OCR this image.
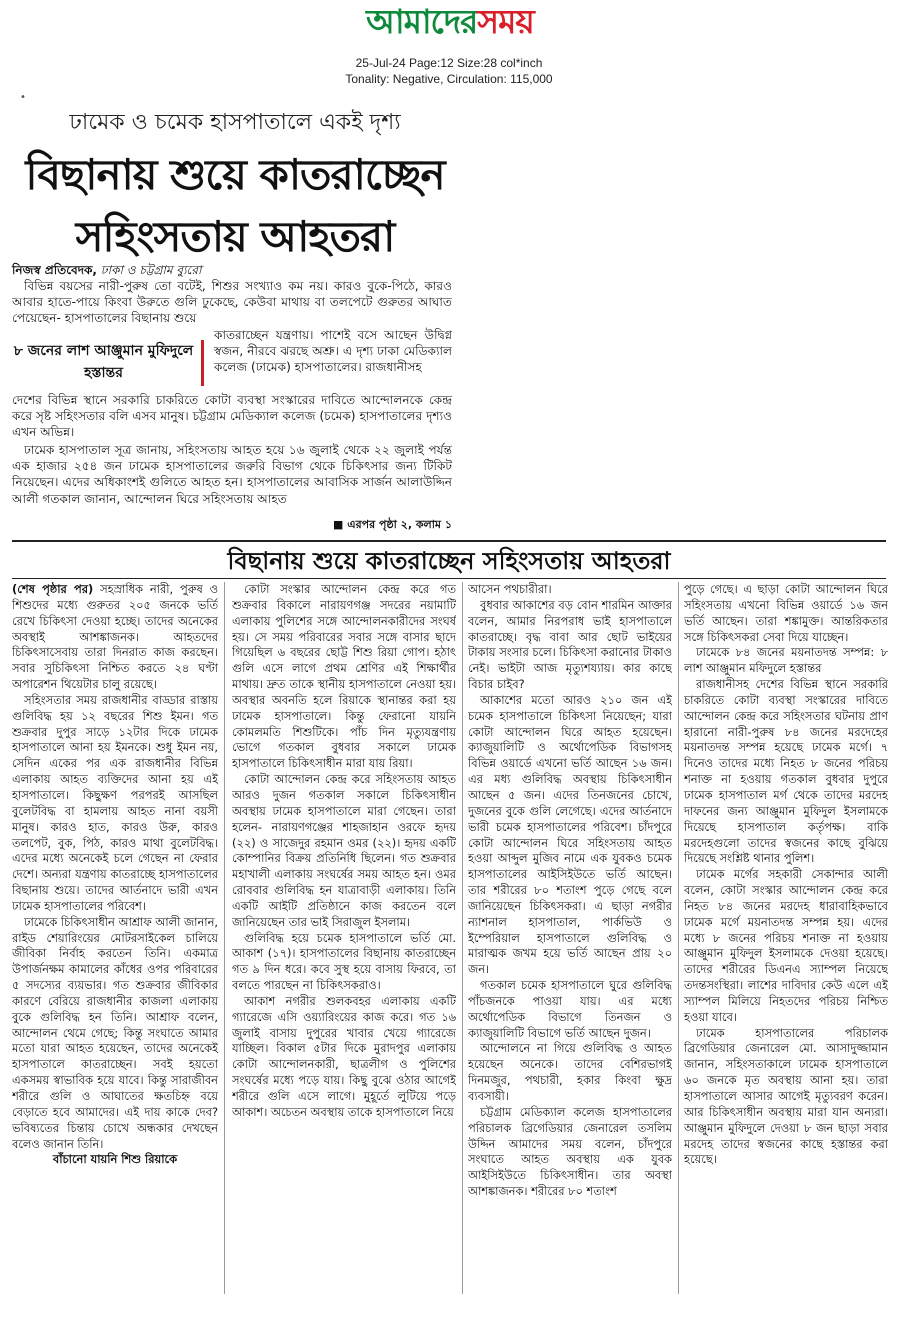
আমাদেরসময়
25-Jul-24 Page:12 Size:28 col*inch
Tonality: Negative, Circulation: 115,000
•
ঢামেক ও চমেক হাসপাতালে একই দৃশ্য
বিছানায় শুয়ে কাতরাচ্ছেন
সহিংসতায় আহতরা
নিজস্ব প্রতিবেদক, ঢাকা ও চট্টগ্রাম ব্যুরো

বিভিন্ন বয়সের নারী-পুরুষ তো বটেই, শিশুর সংখ্যাও কম নয়। কারও বুকে-পিঠে, কারও আবার হাতে-পায়ে কিংবা উরুতে গুলি ঢুকেছে, কেউবা মাথায় বা তলপেটে গুরুতর আঘাত পেয়েছেন- হাসপাতালের বিছানায় শুয়ে

৮ জনের লাশ আঞ্জুমান মুফিদুলে হস্তান্তর

কাতরাচ্ছেন যন্ত্রণায়। পাশেই বসে আছেন উদ্বিগ্ন স্বজন, নীরবে ঝরছে অশ্রু। এ দৃশ্য ঢাকা মেডিক্যাল কলেজ (ঢামেক) হাসপাতালের। রাজধানীসহ

দেশের বিভিন্ন স্থানে সরকারি চাকরিতে কোটা ব্যবস্থা সংস্কারের দাবিতে আন্দোলনকে কেন্দ্র করে সৃষ্ট সহিংসতার বলি এসব মানুষ। চট্টগ্রাম মেডিক্যাল কলেজ (চমেক) হাসপাতালের দৃশ্যও এখন অভিন্ন।

ঢামেক হাসপাতাল সূত্র জানায়, সহিংসতায় আহত হয়ে ১৬ জুলাই থেকে ২২ জুলাই পর্যন্ত এক হাজার ২৫৪ জন ঢামেক হাসপাতালের জরুরি বিভাগ থেকে চিকিৎসার জন্য টিকিট নিয়েছেন। এদের অধিকাংশই গুলিতে আহত হন। হাসপাতালের আবাসিক সার্জন আলাউদ্দিন আলী গতকাল জানান, আন্দোলন ঘিরে সহিংসতায় আহত

■ এরপর পৃষ্ঠা ২, কলাম ১
বিছানায় শুয়ে কাতরাচ্ছেন সহিংসতায় আহতরা

(শেষ পৃষ্ঠার পর) সহস্রাধিক নারী, পুরুষ ও শিশুদের মধ্যে গুরুতর ২০৫ জনকে ভর্তি রেখে চিকিৎসা দেওয়া হচ্ছে। তাদের অনেকের অবস্থাই আশঙ্কাজনক। আহতদের চিকিৎসাসেবায় তারা দিনরাত কাজ করছেন। সবার সুচিকিৎসা নিশ্চিত করতে ২৪ ঘণ্টা অপারেশন থিয়েটার চালু রয়েছে।

সহিংসতার সময় রাজধানীর বাড্ডার রাস্তায় গুলিবিদ্ধ হয় ১২ বছরের শিশু ইমন। গত শুক্রবার দুপুর সাড়ে ১২টার দিকে ঢামেক হাসপাতালে আনা হয় ইমনকে। শুধু ইমন নয়, সেদিন একের পর এক রাজধানীর বিভিন্ন এলাকায় আহত ব্যক্তিদের আনা হয় এই হাসপাতালে। কিছুক্ষণ পরপরই আসছিল বুলেটবিদ্ধ বা হামলায় আহত নানা বয়সী মানুষ। কারও হাত, কারও উরু, কারও তলপেট, বুক, পিঠ, কারও মাথা বুলেটবিদ্ধ। এদের মধ্যে অনেকেই চলে গেছেন না ফেরার দেশে। অন্যরা যন্ত্রণায় কাতরাচ্ছে হাসপাতালের বিছানায় শুয়ে। তাদের আর্তনাদে ভারী এখন ঢামেক হাসপাতালের পরিবেশ।

ঢামেকে চিকিৎসাধীন আশ্রাফ আলী জানান, রাইড শেয়ারিংয়ের মোটরসাইকেল চালিয়ে জীবিকা নির্বাহ করতেন তিনি। একমাত্র উপার্জনক্ষম কামালের কাঁধের ওপর পরিবারের ৫ সদস্যের ব্যয়ভার। গত শুক্রবার জীবিকার কারণে বেরিয়ে রাজধানীর কাজলা এলাকায় বুকে গুলিবিদ্ধ হন তিনি। আশ্রাফ বলেন, আন্দোলন থেমে গেছে; কিন্তু সংঘাতে আমার মতো যারা আহত হয়েছেন, তাদের অনেকেই হাসপাতালে কাতরাচ্ছেন। সবই হয়তো একসময় স্বাভাবিক হয়ে যাবে। কিন্তু সারাজীবন শরীরে গুলি ও আঘাতের ক্ষতচিহ্ন বয়ে বেড়াতে হবে আমাদের। এই দায় কাকে দেব? ভবিষ্যতের চিন্তায় চোখে অন্ধকার দেখছেন বলেও জানান তিনি।

বাঁচানো যায়নি শিশু রিয়াকে

কোটা সংস্কার আন্দোলন কেন্দ্র করে গত শুক্রবার বিকালে নারায়ণগঞ্জ সদরের নয়ামাটি এলাকায় পুলিশের সঙ্গে আন্দোলনকারীদের সংঘর্ষ হয়। সে সময় পরিবারের সবার সঙ্গে বাসার ছাদে গিয়েছিল ৬ বছরের ছোট্ট শিশু রিয়া গোপ। হঠাৎ গুলি এসে লাগে প্রথম শ্রেণির এই শিক্ষার্থীর মাথায়। দ্রুত তাকে স্থানীয় হাসপাতালে নেওয়া হয়। অবস্থার অবনতি হলে রিয়াকে স্থানান্তর করা হয় ঢামেক হাসপাতালে। কিন্তু ফেরানো যায়নি কোমলমতি শিশুটিকে। পাঁচ দিন মৃত্যুযন্ত্রণায় ভোগে গতকাল বুধবার সকালে ঢামেক হাসপাতালে চিকিৎসাধীন মারা যায় রিয়া।

কোটা আন্দোলন কেন্দ্র করে সহিংসতায় আহত আরও দুজন গতকাল সকালে চিকিৎসাধীন অবস্থায় ঢামেক হাসপাতালে মারা গেছেন। তারা হলেন- নারায়ণগঞ্জের শাহজাহান ওরফে হৃদয় (২২) ও সাজেদুর রহমান ওমর (২২)। হৃদয় একটি কোম্পানির বিক্রয় প্রতিনিধি ছিলেন। গত শুক্রবার মহাখালী এলাকায় সংঘর্ষের সময় আহত হন। ওমর রোববার গুলিবিদ্ধ হন যাত্রাবাড়ী এলাকায়। তিনি একটি আইটি প্রতিষ্ঠানে কাজ করতেন বলে জানিয়েছেন তার ভাই সিরাজুল ইসলাম।

গুলিবিদ্ধ হয়ে চমেক হাসপাতালে ভর্তি মো. আকাশ (১৭)। হাসপাতালের বিছানায় কাতরাচ্ছেন গত ৯ দিন ধরে। কবে সুস্থ হয়ে বাসায় ফিরবে, তা বলতে পারছেন না চিকিৎসকরাও।

আকাশ নগরীর শুলকবহর এলাকায় একটি গ্যারেজে এসি ওয়্যারিংয়ের কাজ করে। গত ১৬ জুলাই বাসায় দুপুরের খাবার খেয়ে গ্যারেজে যাচ্ছিল। বিকাল ৫টার দিকে মুরাদপুর এলাকায় কোটা আন্দোলনকারী, ছাত্রলীগ ও পুলিশের সংঘর্ষের মধ্যে পড়ে যায়। কিছু বুঝে ওঠার আগেই শরীরে গুলি এসে লাগে। মুহূর্তে লুটিয়ে পড়ে আকাশ। অচেতন অবস্থায় তাকে হাসপাতালে নিয়ে

আসেন পথচারীরা।

বুধবার আকাশের বড় বোন শারমিন আক্তার বলেন, আমার নিরপরাধ ভাই হাসপাতালে কাতরাচ্ছে। বৃদ্ধ বাবা আর ছোট ভাইয়ের টাকায় সংসার চলে। চিকিৎসা করানোর টাকাও নেই। ভাইটা আজ মৃত্যুশয্যায়। কার কাছে বিচার চাইব?

আকাশের মতো আরও ২১০ জন এই চমেক হাসপাতালে চিকিৎসা নিয়েছেন; যারা কোটা আন্দোলন ঘিরে আহত হয়েছেন। ক্যাজুয়ালিটি ও অর্থোপেডিক বিভাগসহ বিভিন্ন ওয়ার্ডে এখনো ভর্তি আছেন ১৬ জন। এর মধ্য গুলিবিদ্ধ অবস্থায় চিকিৎসাধীন আছেন ৫ জন। এদের তিনজনের চোখে, দুজনের বুকে গুলি লেগেছে। এদের আর্তনাদে ভারী চমেক হাসপাতালের পরিবেশ। চাঁদপুরে কোটা আন্দোলন ঘিরে সহিংসতায় আহত হওয়া আব্দুল মুজিব নামে এক যুবকও চমেক হাসপাতালের আইসিইউতে ভর্তি আছেন। তার শরীরের ৮০ শতাংশ পুড়ে গেছে বলে জানিয়েছেন চিকিৎসকরা। এ ছাড়া নগরীর ন্যাশনাল হাসপাতাল, পার্কভিউ ও ইম্পেরিয়াল হাসপাতালে গুলিবিদ্ধ ও মারাত্মক জখম হয়ে ভর্তি আছেন প্রায় ২০ জন।

গতকাল চমেক হাসপাতালে ঘুরে গুলিবিদ্ধ পাঁচজনকে পাওয়া যায়। এর মধ্যে অর্থোপেডিক বিভাগে তিনজন ও ক্যাজুয়ালিটি বিভাগে ভর্তি আছেন দুজন।

আন্দোলনে না গিয়ে গুলিবিদ্ধ ও আহত হয়েছেন অনেকে। তাদের বেশিরভাগই দিনমজুর, পথচারী, হকার কিংবা ক্ষুদ্র ব্যবসায়ী।

চট্টগ্রাম মেডিক্যাল কলেজ হাসপাতালের পরিচালক ব্রিগেডিয়ার জেনারেল তসলিম উদ্দিন আমাদের সময় বলেন, চাঁদপুরে সংঘাতে আহত অবস্থায় এক যুবক আইসিইউতে চিকিৎসাধীন। তার অবস্থা আশঙ্কাজনক। শরীরের ৮০ শতাংশ

পুড়ে গেছে। এ ছাড়া কোটা আন্দোলন ঘিরে সহিংসতায় এখনো বিভিন্ন ওয়ার্ডে ১৬ জন ভর্তি আছেন। তারা শঙ্কামুক্ত। আন্তরিকতার সঙ্গে চিকিৎসকরা সেবা দিয়ে যাচ্ছেন।

ঢামেকে ৮৪ জনের ময়নাতদন্ত সম্পন্ন: ৮ লাশ আঞ্জুমান মফিদুলে হস্তান্তর

রাজধানীসহ দেশের বিভিন্ন স্থানে সরকারি চাকরিতে কোটা ব্যবস্থা সংস্কারের দাবিতে আন্দোলন কেন্দ্র করে সহিংসতার ঘটনায় প্রাণ হারানো নারী-পুরুষ ৮৪ জনের মরদেহের ময়নাতদন্ত সম্পন্ন হয়েছে ঢামেক মর্গে। ৭ দিনেও তাদের মধ্যে নিহত ৮ জনের পরিচয় শনাক্ত না হওয়ায় গতকাল বুধবার দুপুরে ঢামেক হাসপাতাল মর্গ থেকে তাদের মরদেহ দাফনের জন্য আঞ্জুমান মুফিদুল ইসলামকে দিয়েছে হাসপাতাল কর্তৃপক্ষ। বাকি মরদেহগুলো তাদের স্বজনের কাছে বুঝিয়ে দিয়েছে সংশ্লিষ্ট থানার পুলিশ।

ঢামেক মর্গের সহকারী সেকান্দার আলী বলেন, কোটা সংস্কার আন্দোলন কেন্দ্র করে নিহত ৮৪ জনের মরদেহ ধারাবাহিকভাবে ঢামেক মর্গে ময়নাতদন্ত সম্পন্ন হয়। এদের মধ্যে ৮ জনের পরিচয় শনাক্ত না হওয়ায় আঞ্জুমান মুফিদুল ইসলামকে দেওয়া হয়েছে। তাদের শরীরের ডিএনএ স্যাম্পল নিয়েছে তদন্তসংস্থিরা। লাশের দাবিদার কেউ এলে এই স্যাম্পল মিলিয়ে নিহতদের পরিচয় নিশ্চিত হওয়া যাবে।

ঢামেক হাসপাতালের পরিচালক ব্রিগেডিয়ার জেনারেল মো. আসাদুজ্জামান জানান, সহিংসতাকালে ঢামেক হাসপাতালে ৬০ জনকে মৃত অবস্থায় আনা হয়। তারা হাসপাতালে আসার আগেই মৃত্যুবরণ করেন। আর চিকিৎসাধীন অবস্থায় মারা যান অন্যরা। আঞ্জুমান মুফিদুলে দেওয়া ৮ জন ছাড়া সবার মরদেহ তাদের স্বজনের কাছে হস্তান্তর করা হয়েছে।
